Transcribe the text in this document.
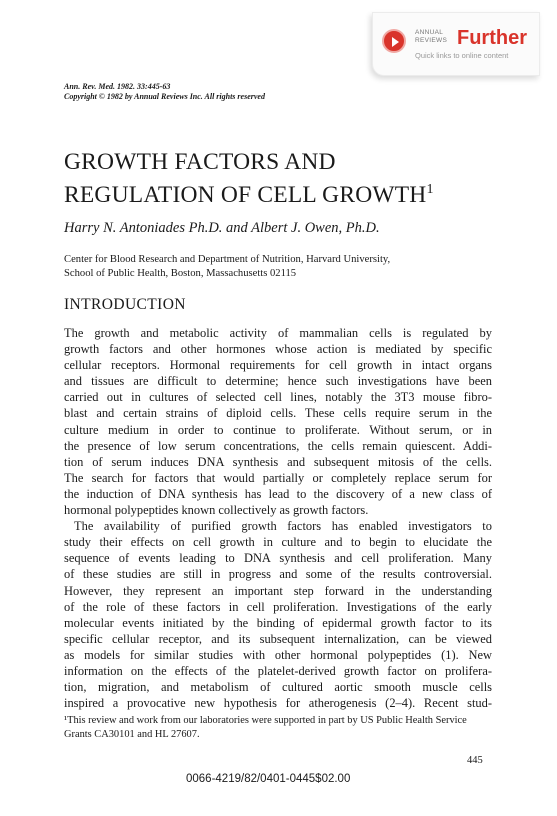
ANNUAL
REVIEWS Further
Quick links to online content
Ann. Rev. Med. 1982. 33:445-63
Copyright © 1982 by Annual Reviews Inc. All rights reserved
GROWTH FACTORS AND
REGULATION OF CELL GROWTH$^1$
Harry N. Antoniades Ph.D. and Albert J. Owen, Ph.D.
Center for Blood Research and Department of Nutrition, Harvard University,
School of Public Health, Boston, Massachusetts 02115
INTRODUCTION
The growth and metabolic activity of mammalian cells is regulated by
growth factors and other hormones whose action is mediated by specific
cellular receptors. Hormonal requirements for cell growth in intact organs
and tissues are difficult to determine; hence such investigations have been
carried out in cultures of selected cell lines, notably the 3T3 mouse fibro-
blast and certain strains of diploid cells. These cells require serum in the
culture medium in order to continue to proliferate. Without serum, or in
the presence of low serum concentrations, the cells remain quiescent. Addi-
tion of serum induces DNA synthesis and subsequent mitosis of the cells.
The search for factors that would partially or completely replace serum for
the induction of DNA synthesis has lead to the discovery of a new class of
hormonal polypeptides known collectively as growth factors.
The availability of purified growth factors has enabled investigators to
study their effects on cell growth in culture and to begin to elucidate the
sequence of events leading to DNA synthesis and cell proliferation. Many
of these studies are still in progress and some of the results controversial.
However, they represent an important step forward in the understanding
of the role of these factors in cell proliferation. Investigations of the early
molecular events initiated by the binding of epidermal growth factor to its
specific cellular receptor, and its subsequent internalization, can be viewed
as models for similar studies with other hormonal polypeptides (1). New
information on the effects of the platelet-derived growth factor on prolifera-
tion, migration, and metabolism of cultured aortic smooth muscle cells
inspired a provocative new hypothesis for atherogenesis (2–4). Recent stud-
¹This review and work from our laboratories were supported in part by US Public Health Service Grants CA30101 and HL 27607.
445
0066-4219/82/0401-0445$02.00
